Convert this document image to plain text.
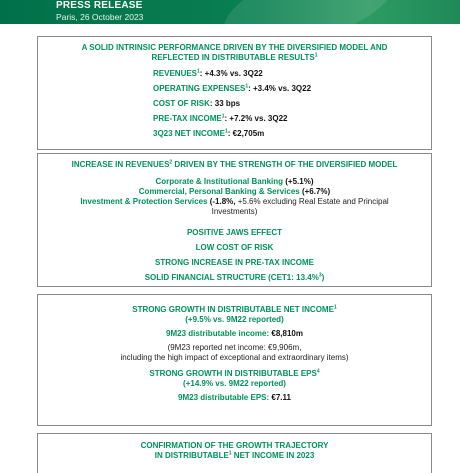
PRESS RELEASE
Paris, 26 October 2023
A SOLID INTRINSIC PERFORMANCE DRIVEN BY THE DIVERSIFIED MODEL AND
REFLECTED IN DISTRIBUTABLE RESULTS$^1$
$REVENUES^1$: +4.3% vs. 3Q22
OPERATING $EXPENSES^1$: +3.4% vs. 3Q22
COST OF RISK: 33 bps
PRE-TAX $INCOME^1$: +7.2% vs. 3Q22
3Q23 NET INCOME$^1$: €2,705m
INCREASE IN REVENUES$^2$ DRIVEN BY THE STRENGTH OF THE DIVERSIFIED MODEL
Corporate & Institutional Banking (+5.1%)
Commercial, Personal Banking & Services (+6.7%)
Investment & Protection Services (-1.8%, +5.6% excluding Real Estate and Principal
Investments)
POSITIVE JAWS EFFECT
LOW COST OF RISK
STRONG INCREASE IN PRE-TAX INCOME
SOLID FINANCIAL STRUCTURE (CET1: 13.4%$^3$)
STRONG GROWTH IN DISTRIBUTABLE NET INCOME$^1$
(+9.5% vs. 9M22 reported)
9M23 distributable income: €8,810m
(9M23 reported net income: €9,906m,
including the high impact of exceptional and extraordinary items)
STRONG GROWTH IN DISTRIBUTABLE EPS$^4$
(+14.9% vs. 9M22 reported)
9M23 distributable EPS: €7.11
CONFIRMATION OF THE GROWTH TRAJECTORY
IN DISTRIBUTABLE$^1$ NET INCOME IN 2023
